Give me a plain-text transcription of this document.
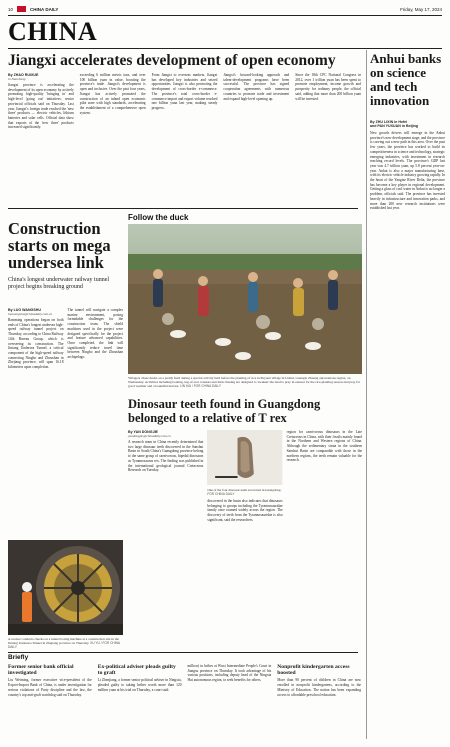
10	CHINA DAILY	Friday, May 17, 2024
CHINA
Jiangxi accelerates development of open economy
By ZHAO RUIXUE
in Nanchang

Jiangxi province is accelerating the development of its open economy by actively promoting high-quality 'bringing in' and high-level 'going out' initiatives, senior provincial officials said on Thursday. Last year, Jiangxi's foreign trade reached the 'new three' products — electric vehicles, lithium batteries and solar cells. Official data show that exports of the 'new three' products increased significantly.

exceeding 6 million metric tons, and over 100 billion yuan in value, boosting the province's trade. Jiangxi's development is open and inclusive. Over the past four years, Jiangxi has actively promoted the construction of an inland open economic pilot zone with high standards, accelerating the establishment of a comprehensive open system.

From Jiangxi to overseas markets, Jiangxi has developed key industries and seized opportunities. Jiangxi is also promoting the development of cross-border e-commerce. The province's total cross-border e-commerce import and export volume reached one billion yuan last year, making steady progress.

Jiangxi's forward-looking approach and talent-development programs have been successful. The province has signed cooperation agreements with numerous countries to promote trade and investment and expand high-level opening up.

Since the 18th CPC National Congress in 2012, over 1 trillion yuan has been spent to promote employment, income growth and prosperity for ordinary people, the official said, adding that more than 200 billion yuan will be invested.

Anhui banks on science and tech innovation
By ZHU LIXIN in Hefei
and PAN YUXUAN in Beijing

New growth drivers will emerge in the Anhui province's new development stage, and the province is carving out a new path in this area. Over the past few years, the province has worked to build its competitiveness in science and technology, strategic emerging industries, with investment in research reaching record levels. The province's GDP last year was 4.7 trillion yuan, up 5.8 percent year-on-year. Anhui is also a major manufacturing base, with its electric vehicle industry growing rapidly. In the heart of the Yangtze River Delta, the province has become a key player in regional development. Getting a glass of cool water in Anhui is no longer a problem, officials said. The province has invested heavily in infrastructure and innovation parks, and more than 200 new research institutions were established last year.

Construction starts on mega undersea link

China's longest underwater railway tunnel project begins breaking ground

By LUO WANGSHU
luowangshu@chinadaily.com.cn

Ramming operations began on both ends of China's longest undersea high-speed railway tunnel project on Thursday, according to China Railway 14th Bureau Group, which is overseeing its construction. The Jintang Undersea Tunnel, a critical component of the high-speed railway connecting Ningbo and Zhoushan in Zhejiang province, will span 16.18 kilometers upon completion.

The tunnel will navigate a complex marine environment, posing formidable challenges for the construction team. The shield machines used in the project were designed specifically for the project and feature advanced capabilities. Once completed, the link will significantly reduce travel time between Ningbo and the Zhoushan archipelago.

Follow the duck

Villagers chase ducks on a paddy field during a special activity held before the planting of rice in Puyuan village in Lishui, Guangxi Zhuang autonomous region, on Wednesday. Activities including boating, tug-of-war contests and duck chasing are designed to 'awaken' the land to pray in earnest for the rice-planting season and pray for good weather and a bountiful harvest. LIN KAI / FOR CHINA DAILY

Dinosaur teeth found in Guangdong belonged to a relative of T rex
By YAN DONGJIE
yandongjie@chinadaily.com.cn

A research team in China recently determined that two large dinosaur teeth discovered in the Sanshui Basin in South China's Guangdong province belong to the same group of carnivorous, bipedal dinosaurs as Tyrannosaurus rex. The finding was published in the international geological journal Cretaceous Research on Tuesday.

One of the four dinosaur teeth excavated in Guangdong. FOR CHINA DAILY

discovered in the basin also indicates that dinosaurs belonging to groups including the Tyrannosauridae family once roamed widely across the region. The discovery of teeth from the Tyrannosauridae is also significant, said the researchers.

region for carnivorous dinosaurs in the Late Cretaceous in China, with their fossils mainly found in the Northern and Western regions of China. Although the sedimentary strata in the southern Sanshui Basin are comparable with those in the northern regions, the teeth remain valuable for the research.

A worker conducts checks on a tunnel boring machine at a construction site in the Jintang Undersea Tunnel in Zhejiang province on Thursday. XU YU / FOR CHINA DAILY

Briefly
Former senior bank official investigated

Liu Weiming, former executive vice-president of the Export-Import Bank of China, is under investigation for serious violations of Party discipline and the law, the country's top anti-graft watchdog said on Thursday.

Ex-political adviser pleads guilty to graft

Li Zhenjiang, a former senior political adviser in Ningxia, pleaded guilty to taking bribes worth more than 120 million yuan at his trial on Thursday, a court said.

million) in bribes at Wuxi Intermediate People's Court in Jiangsu province on Thursday. It took advantage of his various positions, including deputy head of the Ningxia Hui autonomous region, to seek benefits for others.

Nonprofit kindergarten access boosted

More than 90 percent of children in China are now enrolled in nonprofit kindergartens, according to the Ministry of Education. The nation has been expanding access to affordable preschool education.
